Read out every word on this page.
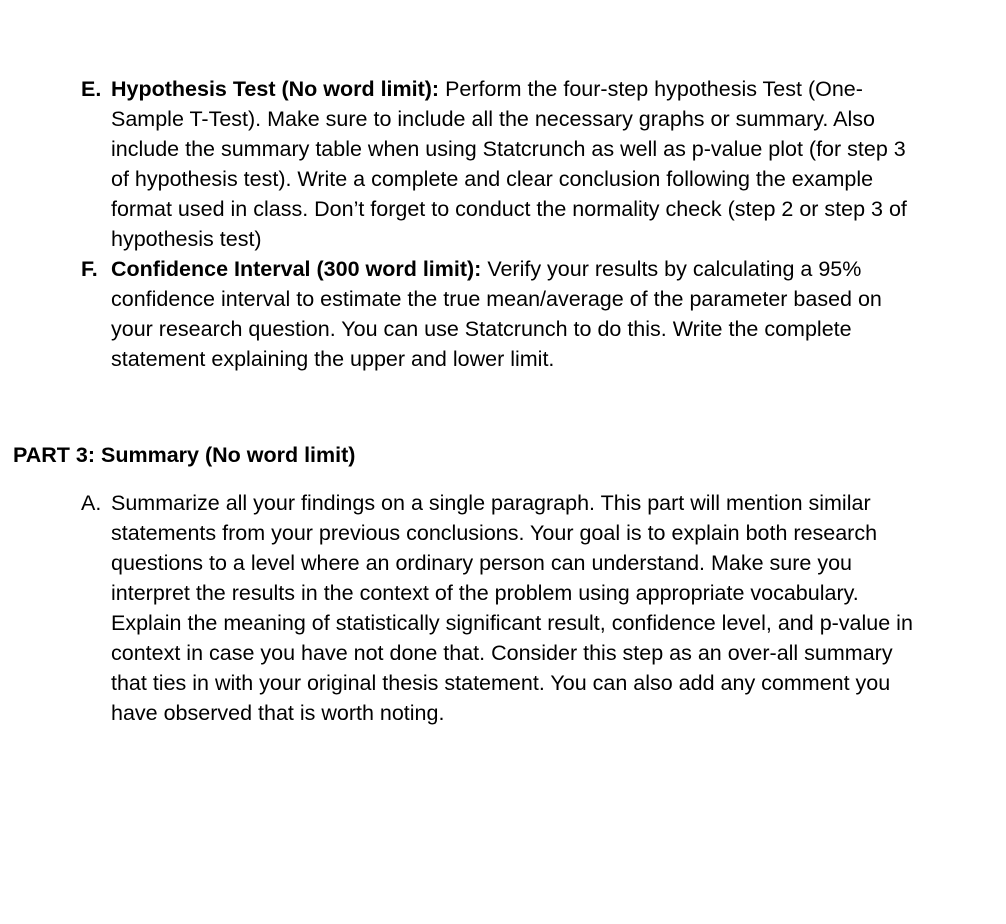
E. Hypothesis Test (No word limit): Perform the four-step hypothesis Test (One-Sample T-Test). Make sure to include all the necessary graphs or summary. Also include the summary table when using Statcrunch as well as p-value plot (for step 3 of hypothesis test). Write a complete and clear conclusion following the example format used in class. Don’t forget to conduct the normality check (step 2 or step 3 of hypothesis test)
F. Confidence Interval (300 word limit): Verify your results by calculating a 95% confidence interval to estimate the true mean/average of the parameter based on your research question. You can use Statcrunch to do this. Write the complete statement explaining the upper and lower limit.
PART 3: Summary (No word limit)
A. Summarize all your findings on a single paragraph. This part will mention similar statements from your previous conclusions. Your goal is to explain both research questions to a level where an ordinary person can understand. Make sure you interpret the results in the context of the problem using appropriate vocabulary. Explain the meaning of statistically significant result, confidence level, and p-value in context in case you have not done that. Consider this step as an over-all summary that ties in with your original thesis statement. You can also add any comment you have observed that is worth noting.
